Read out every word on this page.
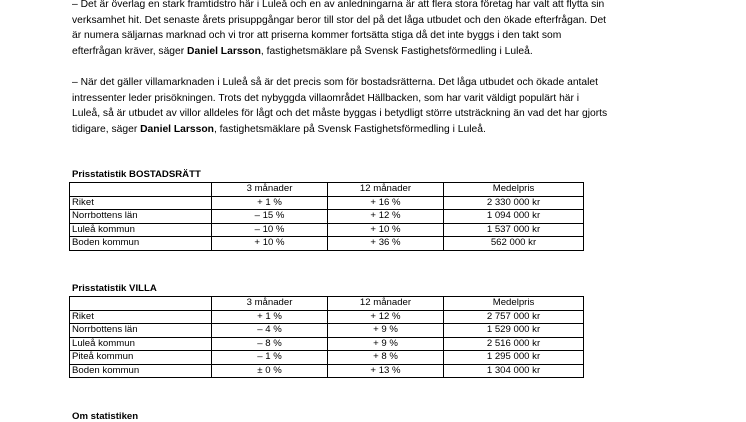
– Det är överlag en stark framtidstro här i Luleå och en av anledningarna är att flera stora företag har valt att flytta sin
verksamhet hit. Det senaste årets prisuppgångar beror till stor del på det låga utbudet och den ökade efterfrågan. Det
är numera säljarnas marknad och vi tror att priserna kommer fortsätta stiga då det inte byggs i den takt som
efterfrågan kräver, säger Daniel Larsson, fastighetsmäklare på Svensk Fastighetsförmedling i Luleå.
– När det gäller villamarknaden i Luleå så är det precis som för bostadsrätterna. Det låga utbudet och ökade antalet
intressenter leder prisökningen. Trots det nybyggda villaområdet Hällbacken, som har varit väldigt populärt här i
Luleå, så är utbudet av villor alldeles för lågt och det måste byggas i betydligt större utsträckning än vad det har gjorts
tidigare, säger Daniel Larsson, fastighetsmäklare på Svensk Fastighetsförmedling i Luleå.
Prisstatistik BOSTADSRÄTT
	3 månader	12 månader	Medelpris
Riket	+ 1 %	+ 16 %	2 330 000 kr
Norrbottens län	– 15 %	+ 12 %	1 094 000 kr
Luleå kommun	– 10 %	+ 10 %	1 537 000 kr
Boden kommun	+ 10 %	+ 36 %	562 000 kr
Prisstatistik VILLA
	3 månader	12 månader	Medelpris
Riket	+ 1 %	+ 12 %	2 757 000 kr
Norrbottens län	– 4 %	+ 9 %	1 529 000 kr
Luleå kommun	– 8 %	+ 9 %	2 516 000 kr
Piteå kommun	– 1 %	+ 8 %	1 295 000 kr
Boden kommun	± 0 %	+ 13 %	1 304 000 kr
Om statistiken
